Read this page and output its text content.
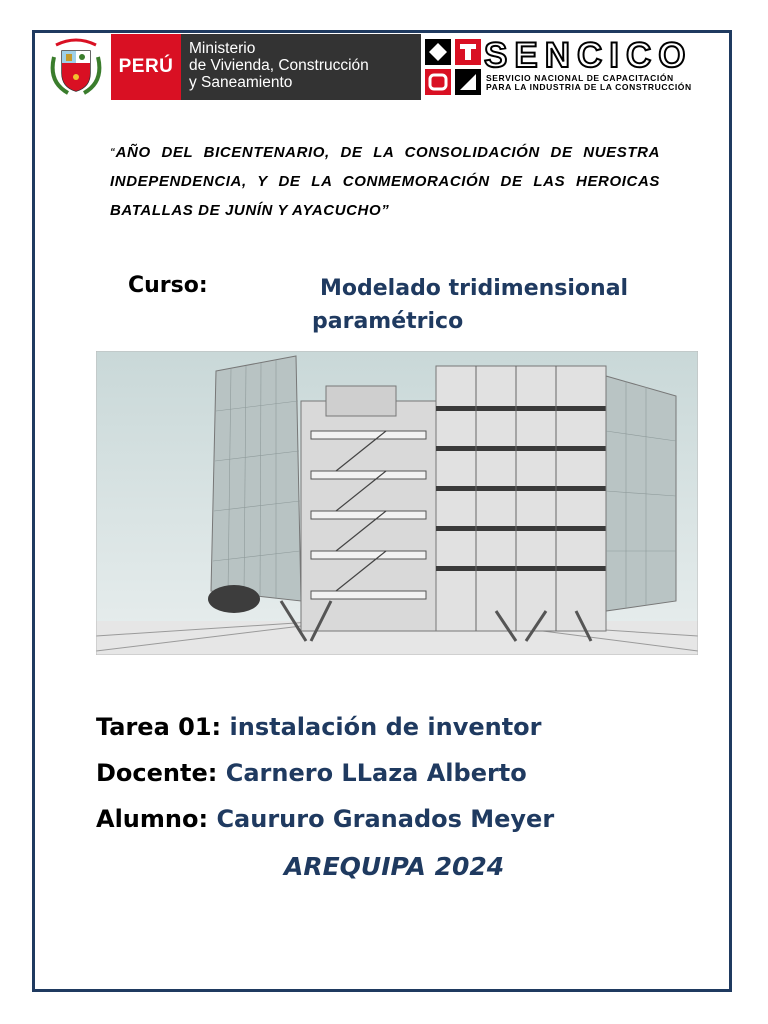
PERÚ
Ministerio
de Vivienda, Construcción
y Saneamiento
SENCICO
SERVICIO NACIONAL DE CAPACITACIÓN
PARA LA INDUSTRIA DE LA CONSTRUCCIÓN
“AÑO DEL BICENTENARIO, DE LA CONSOLIDACIÓN DE NUESTRA INDEPENDENCIA, Y DE LA CONMEMORACIÓN DE LAS HEROICAS BATALLAS DE JUNÍN Y AYACUCHO”
Curso:	Modelado tridimensional paramétrico
Tarea 01: instalación de inventor
Docente: Carnero LLaza Alberto
Alumno: Caururo Granados Meyer
AREQUIPA 2024
